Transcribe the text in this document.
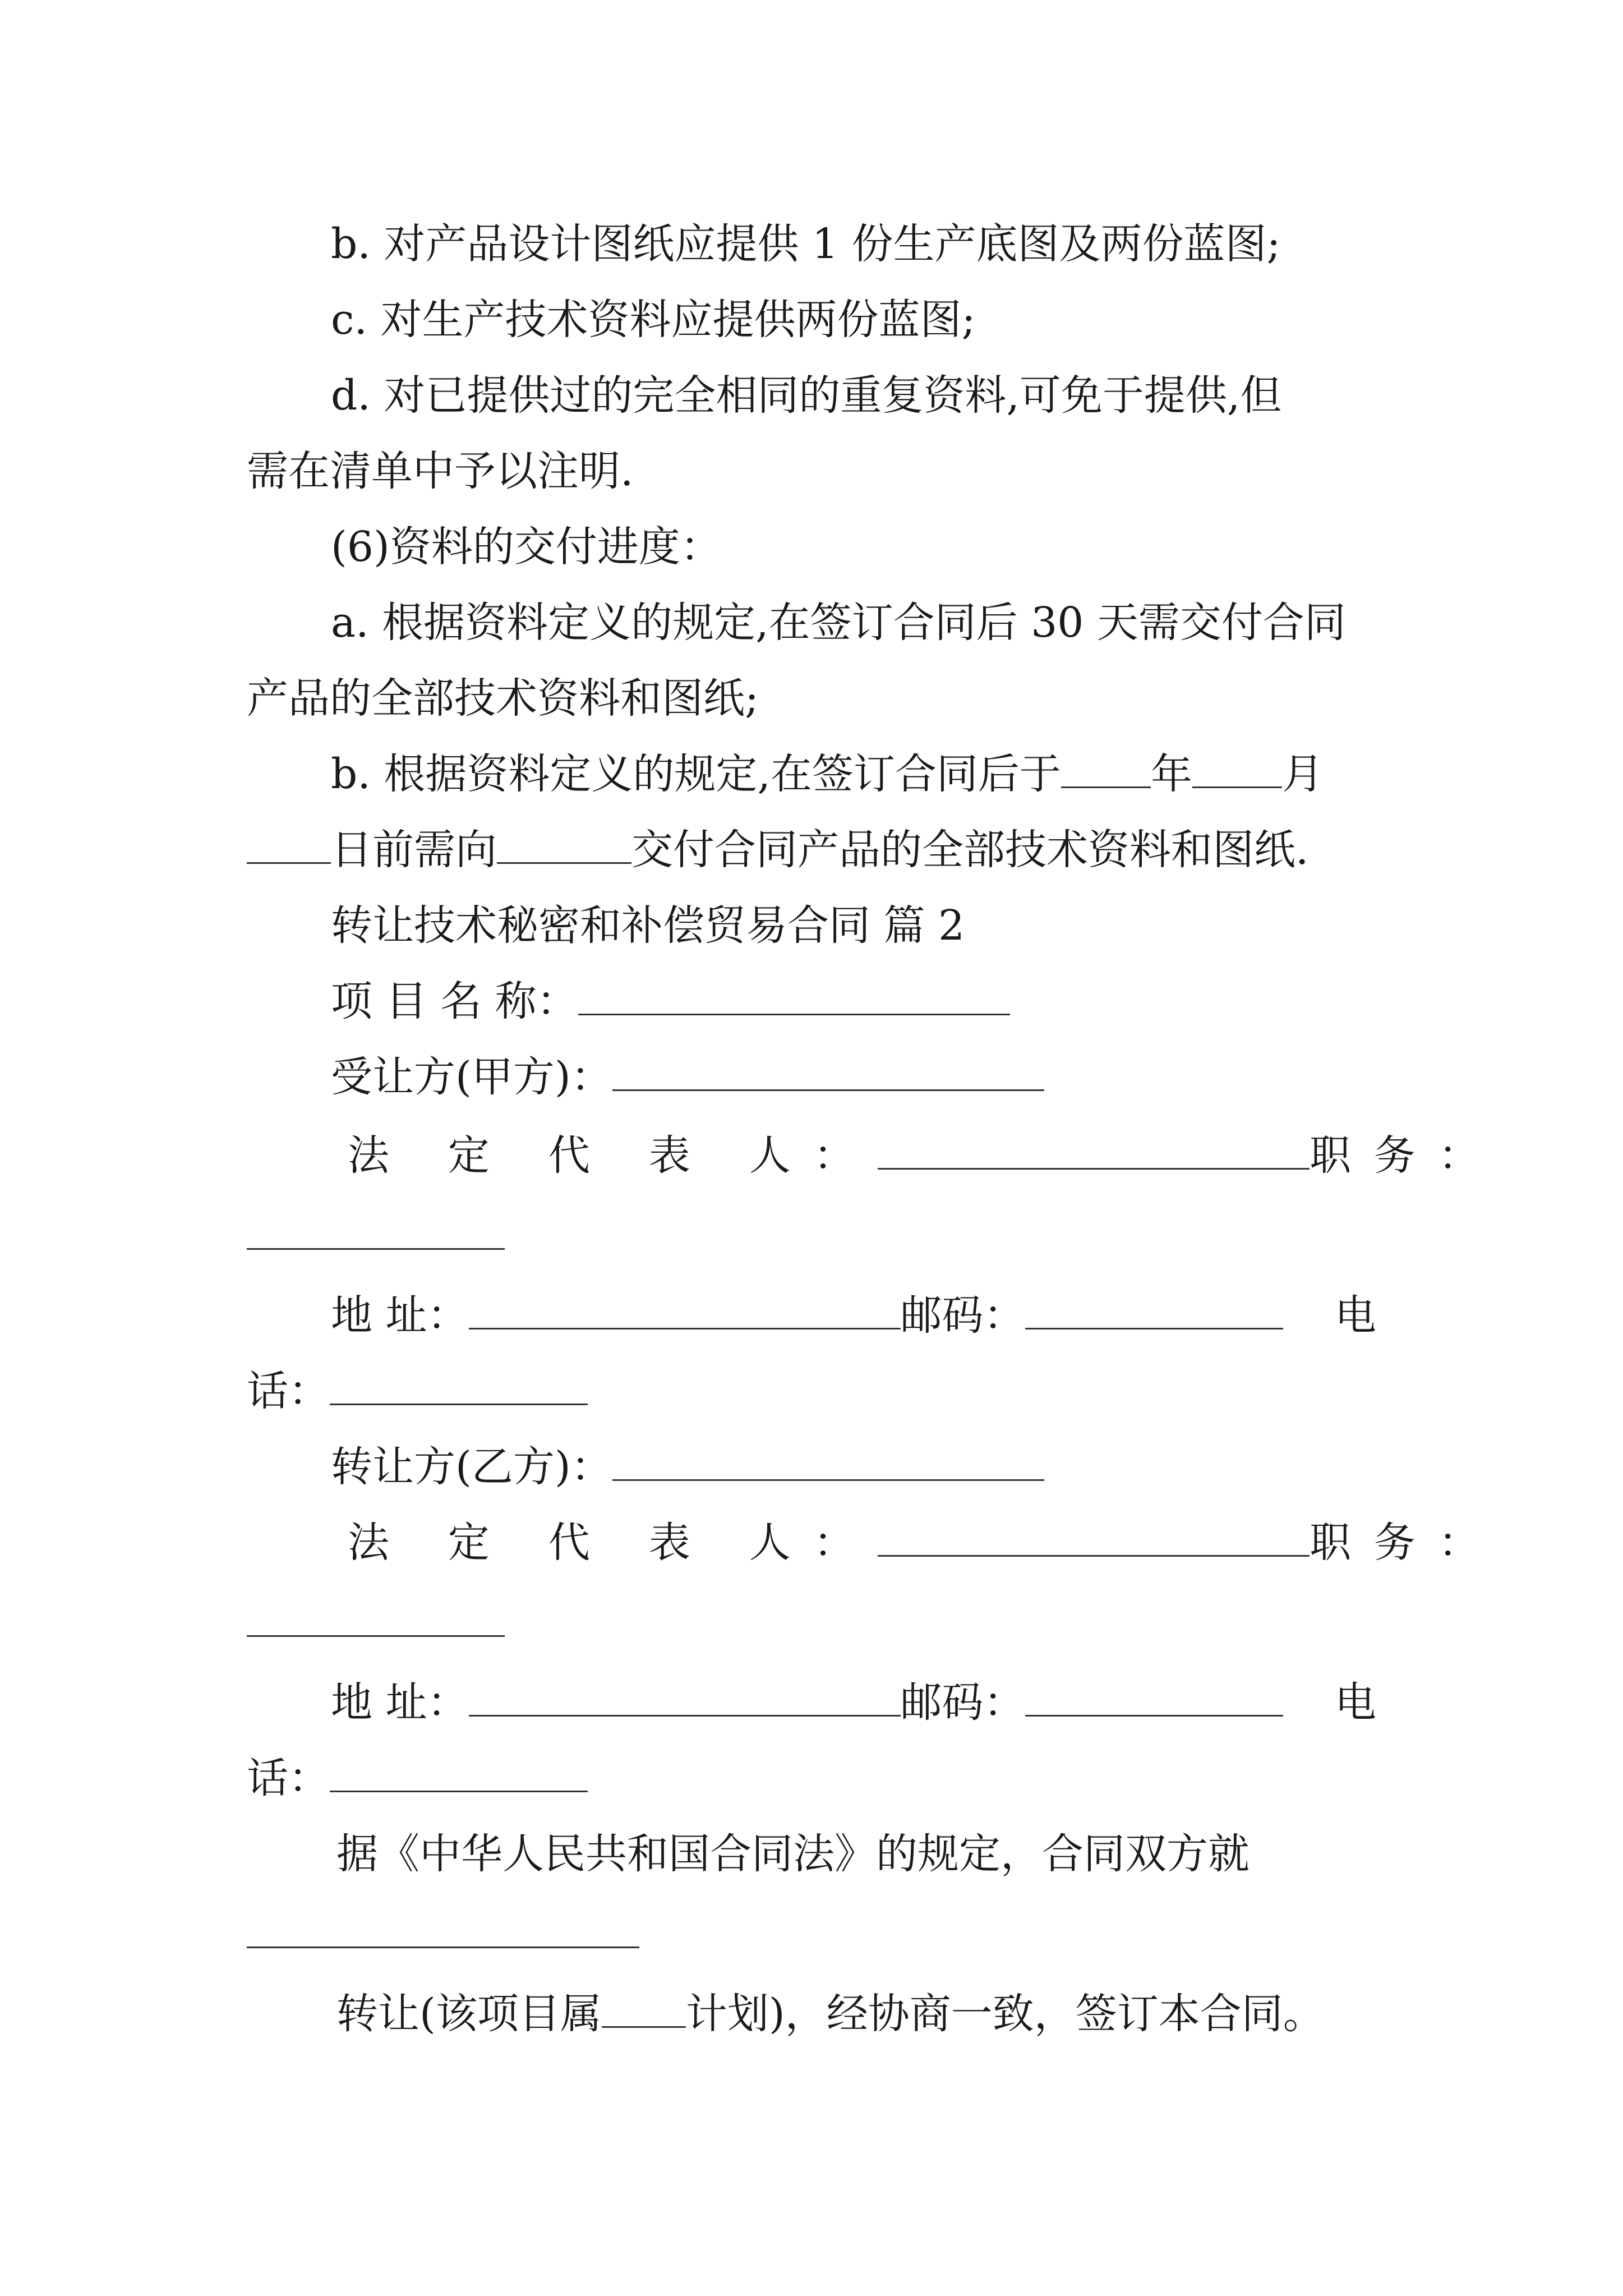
b. 对产品设计图纸应提供 1 份生产底图及两份蓝图;
c. 对生产技术资料应提供两份蓝图;
d. 对已提供过的完全相同的重复资料,可免于提供,但
需在清单中予以注明.
(6)资料的交付进度：
a. 根据资料定义的规定,在签订合同后 30 天需交付合同
产品的全部技术资料和图纸;
b. 根据资料定义的规定,在签订合同后于 年 月
日前需向	交付合同产品的全部技术资料和图纸.
转让技术秘密和补偿贸易合同 篇 2
项 目 名 称：
受让方(甲方)：
法 定 代 表 人：	职务：
地 址：	邮码：	电
话：
转让方(乙方)：
法 定 代 表 人：	职务：
地 址：	邮码：	电
话：
据《中华人民共和国合同法》的规定，合同双方就
转让(该项目属 计划)，经协商一致，签订本合同。
